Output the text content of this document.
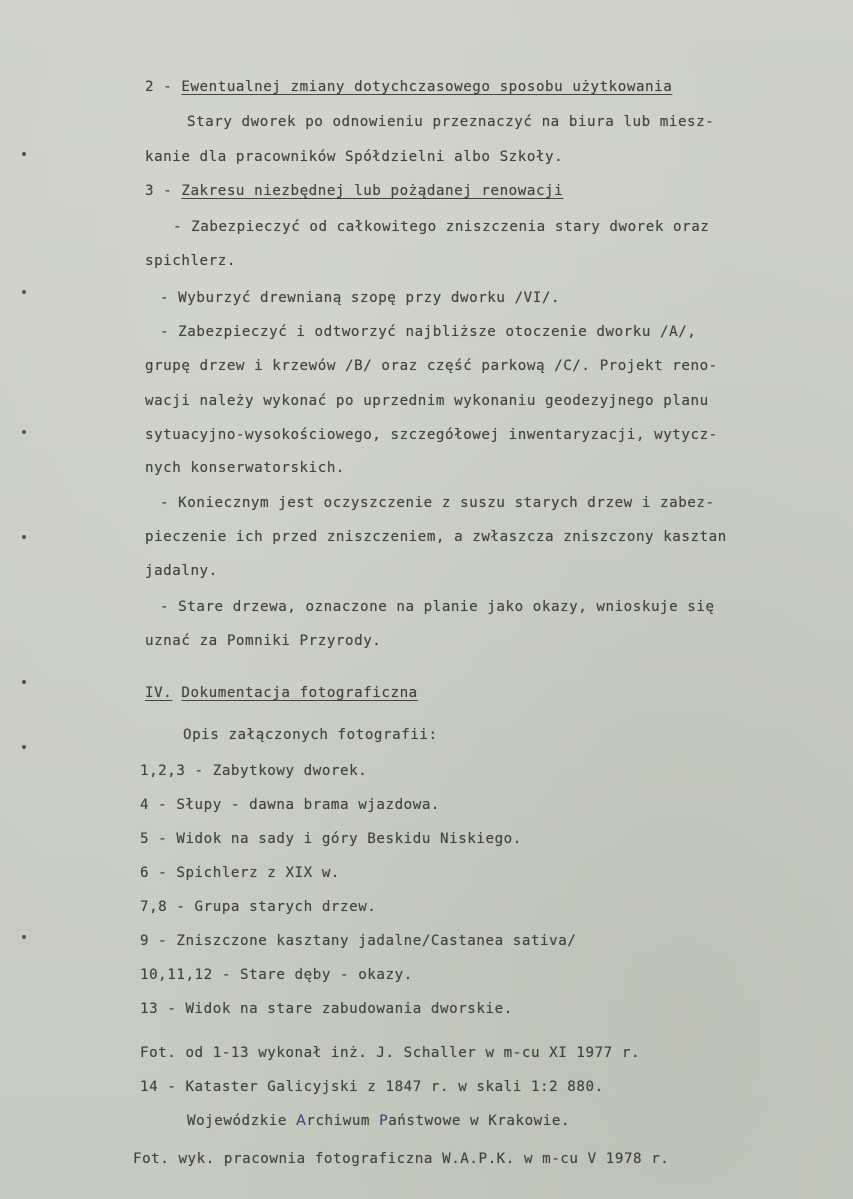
2 - Ewentualnej zmiany dotychczasowego sposobu użytkowania
Stary dworek po odnowieniu przeznaczyć na biura lub miesz-
kanie dla pracowników Spółdzielni albo Szkoły.
3 - Zakresu niezbędnej lub pożądanej renowacji
- Zabezpieczyć od całkowitego zniszczenia stary dworek oraz
spichlerz.
- Wyburzyć drewnianą szopę przy dworku /VI/.
- Zabezpieczyć i odtworzyć najbliższe otoczenie dworku /A/,
grupę drzew i krzewów /B/ oraz część parkową /C/. Projekt reno-
wacji należy wykonać po uprzednim wykonaniu geodezyjnego planu
sytuacyjno-wysokościowego, szczegółowej inwentaryzacji, wytycz-
nych konserwatorskich.
- Koniecznym jest oczyszczenie z suszu starych drzew i zabez-
pieczenie ich przed zniszczeniem, a zwłaszcza zniszczony kasztan
jadalny.
- Stare drzewa, oznaczone na planie jako okazy, wnioskuje się
uznać za Pomniki Przyrody.
IV. Dokumentacja fotograficzna
Opis załączonych fotografii:
1,2,3 - Zabytkowy dworek.
4 - Słupy - dawna brama wjazdowa.
5 - Widok na sady i góry Beskidu Niskiego.
6 - Spichlerz z XIX w.
7,8 - Grupa starych drzew.
9 - Zniszczone kasztany jadalne/Castanea sativa/
10,11,12 - Stare dęby - okazy.
13 - Widok na stare zabudowania dworskie.
Fot. od 1-13 wykonał inż. J. Schaller w m-cu XI 1977 r.
14 - Kataster Galicyjski z 1847 r. w skali 1:2 880.
Wojewódzkie Archiwum Państwowe w Krakowie.
Fot. wyk. pracownia fotograficzna W.A.P.K. w m-cu V 1978 r.
